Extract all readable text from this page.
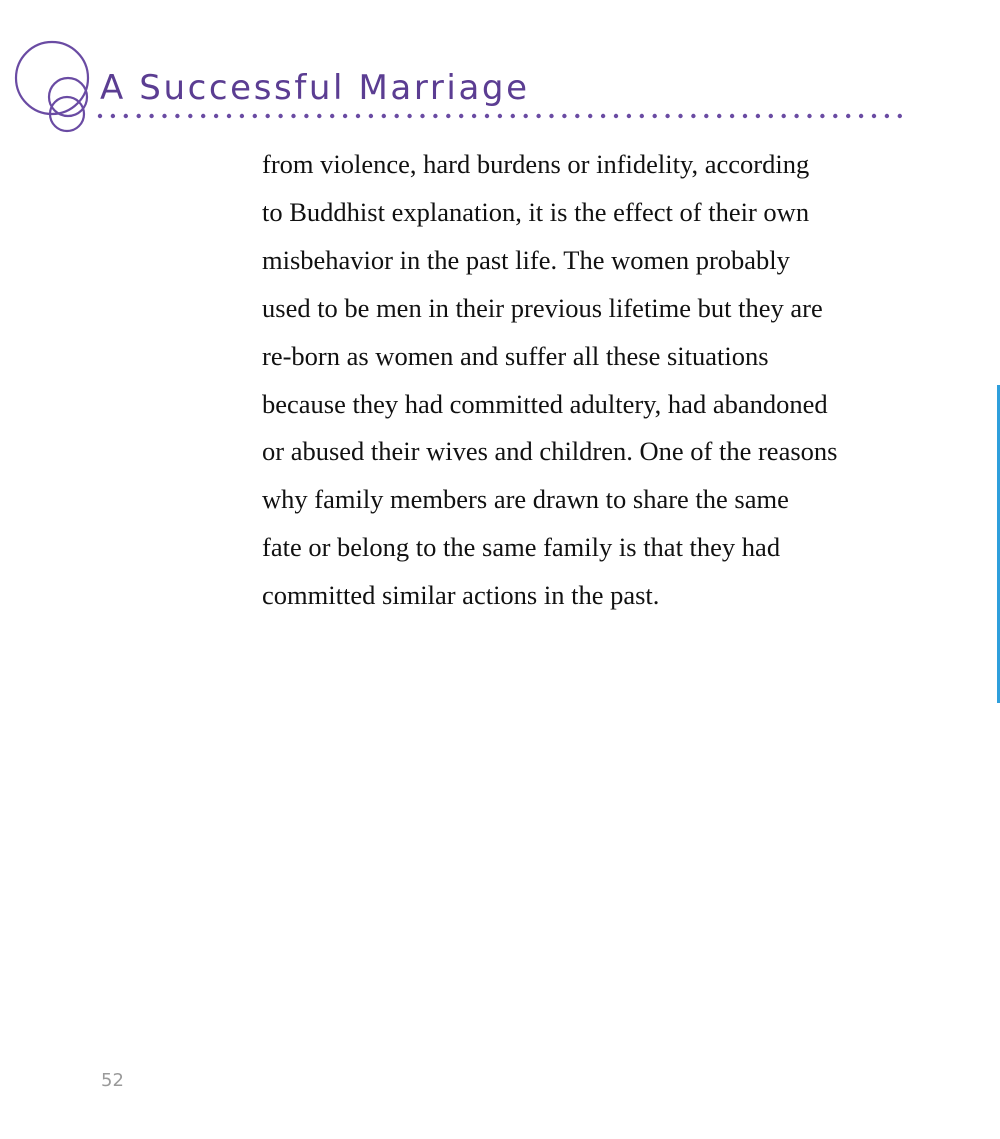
A Successful Marriage

from violence, hard burdens or infidelity, according
to Buddhist explanation, it is the effect of their own
misbehavior in the past life. The women probably
used to be men in their previous lifetime but they are
re-born as women and suffer all these situations
because they had committed adultery, had abandoned
or abused their wives and children. One of the reasons
why family members are drawn to share the same
fate or belong to the same family is that they had
committed similar actions in the past.

52
